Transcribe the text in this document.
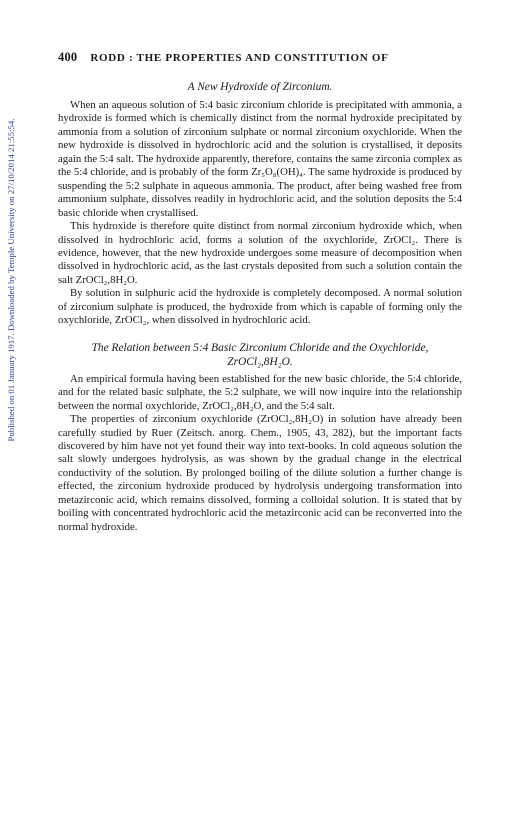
Published on 01 January 1917. Downloaded by Temple University on 27/10/2014 21:55:54.
400 RODD : THE PROPERTIES AND CONSTITUTION OF
A New Hydroxide of Zirconium.

When an aqueous solution of 5:4 basic zirconium chloride is precipitated with ammonia, a hydroxide is formed which is chemically distinct from the normal hydroxide precipitated by ammonia from a solution of zirconium sulphate or normal zirconium oxychloride. When the new hydroxide is dissolved in hydrochloric acid and the solution is crystallised, it deposits again the 5:4 salt. The hydroxide apparently, therefore, contains the same zirconia complex as the 5:4 chloride, and is probably of the form Zr₅O₈(OH)₄. The same hydroxide is produced by suspending the 5:2 sulphate in aqueous ammonia. The product, after being washed free from ammonium sulphate, dissolves readily in hydrochloric acid, and the solution deposits the 5:4 basic chloride when crystallised.

This hydroxide is therefore quite distinct from normal zirconium hydroxide which, when dissolved in hydrochloric acid, forms a solution of the oxychloride, ZrOCl₂. There is evidence, however, that the new hydroxide undergoes some measure of decomposition when dissolved in hydrochloric acid, as the last crystals deposited from such a solution contain the salt ZrOCl₂,8H₂O.

By solution in sulphuric acid the hydroxide is completely decomposed. A normal solution of zirconium sulphate is produced, the hydroxide from which is capable of forming only the oxychloride, ZrOCl₂, when dissolved in hydrochloric acid.

The Relation between 5:4 Basic Zirconium Chloride and the Oxychloride, ZrOCl₂,8H₂O.

An empirical formula having been established for the new basic chloride, the 5:4 chloride, and for the related basic sulphate, the 5:2 sulphate, we will now inquire into the relationship between the normal oxychloride, ZrOCl₂,8H₂O, and the 5:4 salt.

The properties of zirconium oxychloride (ZrOCl₂,8H₂O) in solution have already been carefully studied by Ruer (Zeitsch. anorg. Chem., 1905, 43, 282), but the important facts discovered by him have not yet found their way into text-books. In cold aqueous solution the salt slowly undergoes hydrolysis, as was shown by the gradual change in the electrical conductivity of the solution. By prolonged boiling of the dilute solution a further change is effected, the zirconium hydroxide produced by hydrolysis undergoing transformation into metazirconic acid, which remains dissolved, forming a colloidal solution. It is stated that by boiling with concentrated hydrochloric acid the metazirconic acid can be reconverted into the normal hydroxide.
